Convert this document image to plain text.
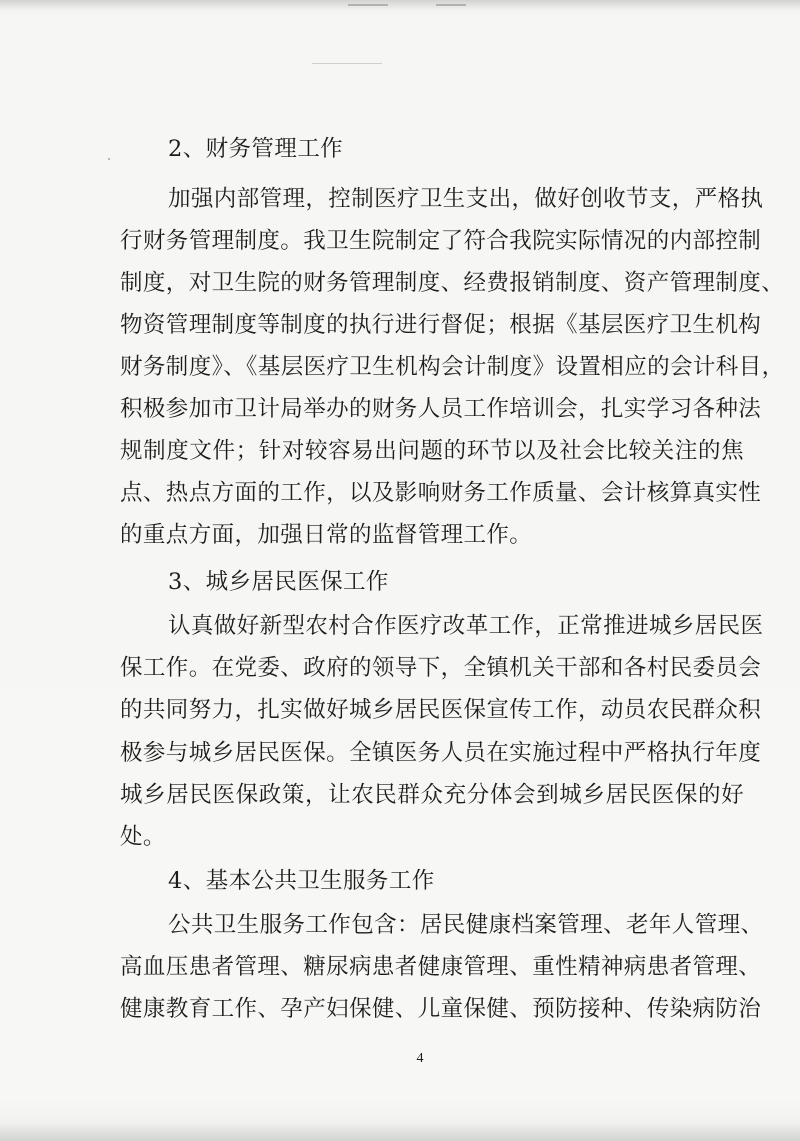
2、财务管理工作
加强内部管理，控制医疗卫生支出，做好创收节支，严格执
行财务管理制度。我卫生院制定了符合我院实际情况的内部控制
制度，对卫生院的财务管理制度、经费报销制度、资产管理制度、
物资管理制度等制度的执行进行督促；根据《基层医疗卫生机构
财务制度》、《基层医疗卫生机构会计制度》设置相应的会计科目，
积极参加市卫计局举办的财务人员工作培训会，扎实学习各种法
规制度文件；针对较容易出问题的环节以及社会比较关注的焦
点、热点方面的工作，以及影响财务工作质量、会计核算真实性
的重点方面，加强日常的监督管理工作。
3、城乡居民医保工作
认真做好新型农村合作医疗改革工作，正常推进城乡居民医
保工作。在党委、政府的领导下，全镇机关干部和各村民委员会
的共同努力，扎实做好城乡居民医保宣传工作，动员农民群众积
极参与城乡居民医保。全镇医务人员在实施过程中严格执行年度
城乡居民医保政策，让农民群众充分体会到城乡居民医保的好
处。
4、基本公共卫生服务工作
公共卫生服务工作包含：居民健康档案管理、老年人管理、
高血压患者管理、糖尿病患者健康管理、重性精神病患者管理、
健康教育工作、孕产妇保健、儿童保健、预防接种、传染病防治
4
